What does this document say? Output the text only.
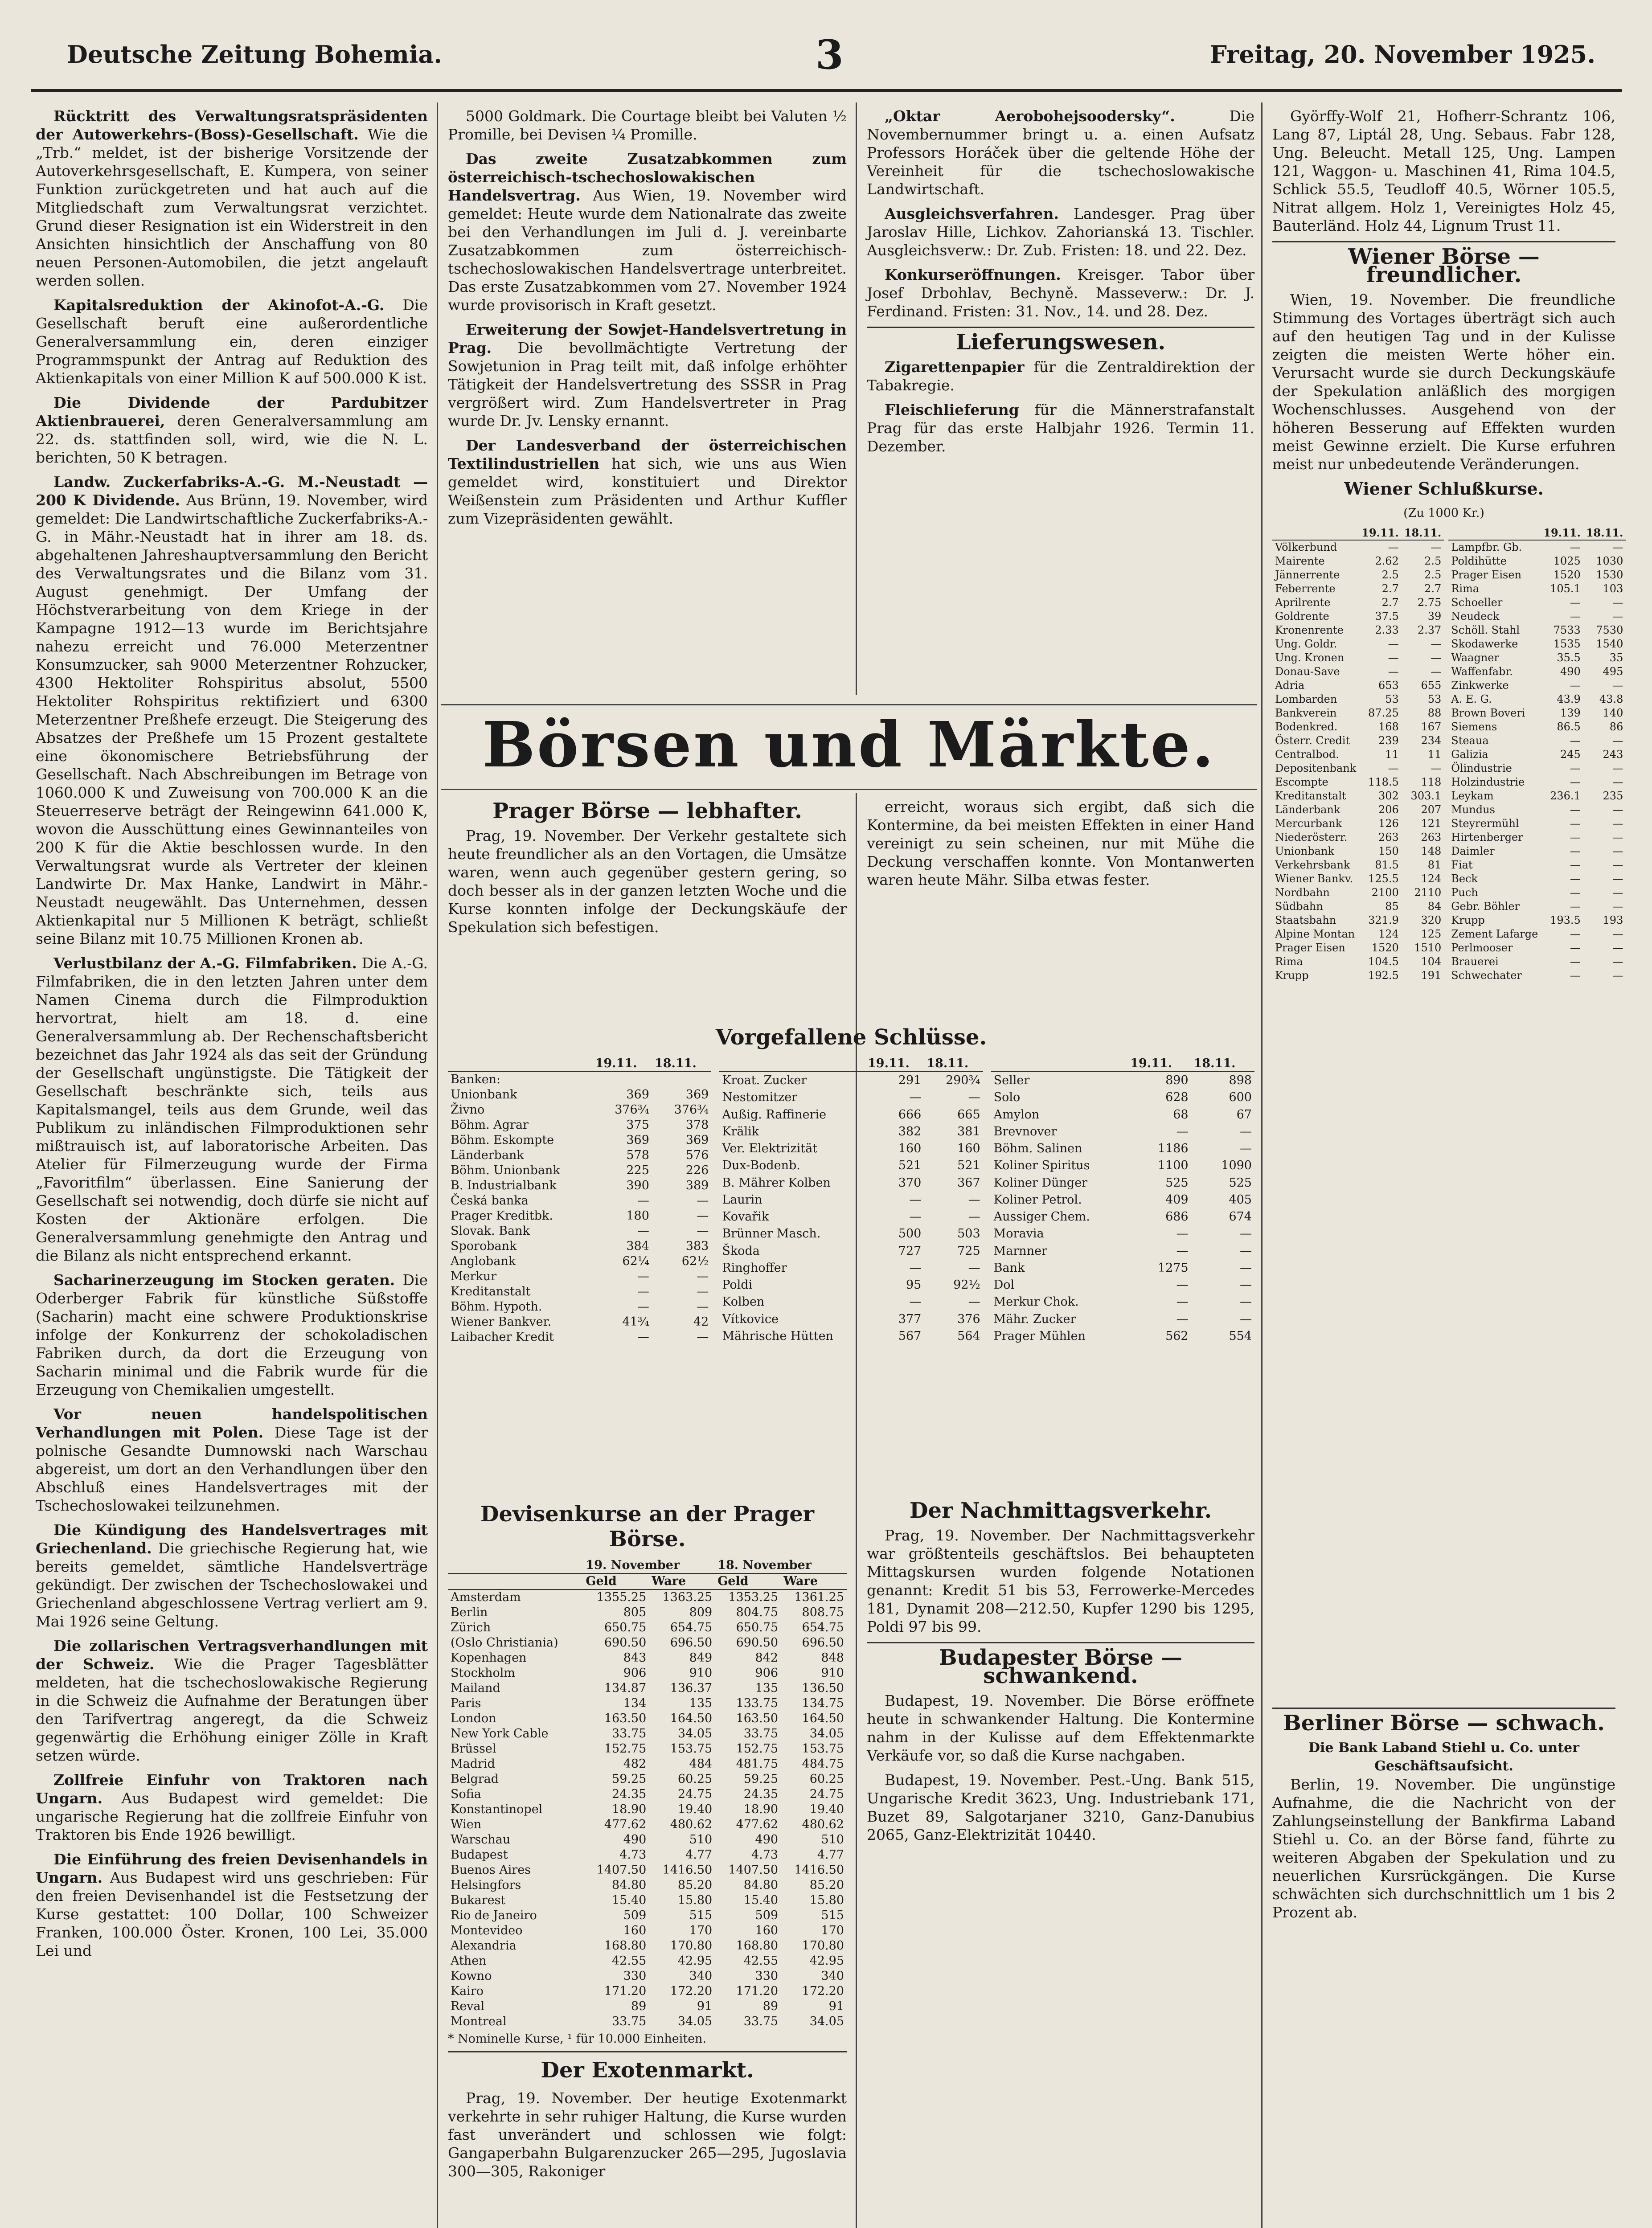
Deutsche Zeitung Bohemia.	3	Freitag, 20. November 1925.

Rücktritt des Verwaltungsratspräsidenten der Autowerkehrs-(Boss)-Gesellschaft. Wie die „Trb.“ meldet, ist der bisherige Vorsitzende der Autoverkehrsgesellschaft, E. Kumpera, von seiner Funktion zurückgetreten und hat auch auf die Mitgliedschaft zum Verwaltungsrat verzichtet. Grund dieser Resignation ist ein Widerstreit in den Ansichten hinsichtlich der Anschaffung von 80 neuen Personen-Automobilen, die jetzt angelauft werden sollen.

Kapitalsreduktion der Akinofot-A.-G. Die Gesellschaft beruft eine außerordentliche Generalversammlung ein, deren einziger Programmspunkt der Antrag auf Reduktion des Aktienkapitals von einer Million K auf 500.000 K ist.

Die Dividende der Pardubitzer Aktienbrauerei, deren Generalversammlung am 22. ds. stattfinden soll, wird, wie die N. L. berichten, 50 K betragen.

Landw. Zuckerfabriks-A.-G. M.-Neustadt — 200 K Dividende. Aus Brünn, 19. November, wird gemeldet: Die Landwirtschaftliche Zuckerfabriks-A.-G. in Mähr.-Neustadt hat in ihrer am 18. ds. abgehaltenen Jahreshauptversammlung den Bericht des Verwaltungsrates und die Bilanz vom 31. August genehmigt. Der Umfang der Höchstverarbeitung von dem Kriege in der Kampagne 1912—13 wurde im Berichtsjahre nahezu erreicht und 76.000 Meterzentner Konsumzucker, sah 9000 Meterzentner Rohzucker, 4300 Hektoliter Rohspiritus absolut, 5500 Hektoliter Rohspiritus rektifiziert und 6300 Meterzentner Preßhefe erzeugt. Die Steigerung des Absatzes der Preßhefe um 15 Prozent gestaltete eine ökonomischere Betriebsführung der Gesellschaft. Nach Abschreibungen im Betrage von 1060.000 K und Zuweisung von 700.000 K an die Steuerreserve beträgt der Reingewinn 641.000 K, wovon die Ausschüttung eines Gewinnanteiles von 200 K für die Aktie beschlossen wurde. In den Verwaltungsrat wurde als Vertreter der kleinen Landwirte Dr. Max Hanke, Landwirt in Mähr.-Neustadt neugewählt. Das Unternehmen, dessen Aktienkapital nur 5 Millionen K beträgt, schließt seine Bilanz mit 10.75 Millionen Kronen ab.

Verlustbilanz der A.-G. Filmfabriken. Die A.-G. Filmfabriken, die in den letzten Jahren unter dem Namen Cinema durch die Filmproduktion hervortrat, hielt am 18. d. eine Generalversammlung ab. Der Rechenschaftsbericht bezeichnet das Jahr 1924 als das seit der Gründung der Gesellschaft ungünstigste. Die Tätigkeit der Gesellschaft beschränkte sich, teils aus Kapitalsmangel, teils aus dem Grunde, weil das Publikum zu inländischen Filmproduktionen sehr mißtrauisch ist, auf laboratorische Arbeiten. Das Atelier für Filmerzeugung wurde der Firma „Favoritfilm“ überlassen. Eine Sanierung der Gesellschaft sei notwendig, doch dürfe sie nicht auf Kosten der Aktionäre erfolgen. Die Generalversammlung genehmigte den Antrag und die Bilanz als nicht entsprechend erkannt.

Sacharinerzeugung im Stocken geraten. Die Oderberger Fabrik für künstliche Süßstoffe (Sacharin) macht eine schwere Produktionskrise infolge der Konkurrenz der schokoladischen Fabriken durch, da dort die Erzeugung von Sacharin minimal und die Fabrik wurde für die Erzeugung von Chemikalien umgestellt.

Vor neuen handelspolitischen Verhandlungen mit Polen. Diese Tage ist der polnische Gesandte Dumnowski nach Warschau abgereist, um dort an den Verhandlungen über den Abschluß eines Handelsvertrages mit der Tschechoslowakei teilzunehmen.

Die Kündigung des Handelsvertrages mit Griechenland. Die griechische Regierung hat, wie bereits gemeldet, sämtliche Handelsverträge gekündigt. Der zwischen der Tschechoslowakei und Griechenland abgeschlossene Vertrag verliert am 9. Mai 1926 seine Geltung.

Die zollarischen Vertragsverhandlungen mit der Schweiz. Wie die Prager Tagesblätter meldeten, hat die tschechoslowakische Regierung in die Schweiz die Aufnahme der Beratungen über den Tarifvertrag angeregt, da die Schweiz gegenwärtig die Erhöhung einiger Zölle in Kraft setzen würde.

Zollfreie Einfuhr von Traktoren nach Ungarn. Aus Budapest wird gemeldet: Die ungarische Regierung hat die zollfreie Einfuhr von Traktoren bis Ende 1926 bewilligt.

Die Einführung des freien Devisenhandels in Ungarn. Aus Budapest wird uns geschrieben: Für den freien Devisenhandel ist die Festsetzung der Kurse gestattet: 100 Dollar, 100 Schweizer Franken, 100.000 Öster. Kronen, 100 Lei, 35.000 Lei und

5000 Goldmark. Die Courtage bleibt bei Valuten ½ Promille, bei Devisen ¼ Promille.

Das zweite Zusatzabkommen zum österreichisch-tschechoslowakischen Handelsvertrag. Aus Wien, 19. November wird gemeldet: Heute wurde dem Nationalrate das zweite bei den Verhandlungen im Juli d. J. vereinbarte Zusatzabkommen zum österreichisch-tschechoslowakischen Handelsvertrage unterbreitet. Das erste Zusatzabkommen vom 27. November 1924 wurde provisorisch in Kraft gesetzt.

Erweiterung der Sowjet-Handelsvertretung in Prag. Die bevollmächtigte Vertretung der Sowjetunion in Prag teilt mit, daß infolge erhöhter Tätigkeit der Handelsvertretung des SSSR in Prag vergrößert wird. Zum Handelsvertreter in Prag wurde Dr. Jv. Lensky ernannt.

Der Landesverband der österreichischen Textilindustriellen hat sich, wie uns aus Wien gemeldet wird, konstituiert und Direktor Weißenstein zum Präsidenten und Arthur Kuffler zum Vizepräsidenten gewählt.

„Oktar Aerobohejsoodersky“.	Die Novembernummer bringt u. a. einen Aufsatz Professors Horáček über die geltende Höhe der Vereinheit für die tschechoslowakische Landwirtschaft.

Ausgleichsverfahren. Landesger. Prag über Jaroslav Hille, Lichkov. Zahorianská 13. Tischler. Ausgleichsverw.: Dr. Zub. Fristen: 18. und 22. Dez.

Konkurseröffnungen. Kreisger. Tabor über Josef Drbohlav, Bechyně. Masseverw.: Dr. J. Ferdinand. Fristen: 31. Nov., 14. und 28. Dez.

Lieferungswesen.

Zigarettenpapier für die Zentraldirektion der Tabakregie.

Fleischlieferung für die Männerstrafanstalt Prag für das erste Halbjahr 1926. Termin 11. Dezember.

Börsen und Märkte.
Prager Börse — lebhafter.

Prag, 19. November. Der Verkehr gestaltete sich heute freundlicher als an den Vortagen, die Umsätze waren, wenn auch gegenüber gestern gering, so doch besser als in der ganzen letzten Woche und die Kurse konnten infolge der Deckungskäufe der Spekulation sich befestigen.

erreicht, woraus sich ergibt, daß sich die Kontermine, da bei meisten Effekten in einer Hand vereinigt zu sein scheinen, nur mit Mühe die Deckung verschaffen konnte. Von Montanwerten waren heute Mähr. Silba etwas fester.

Vorgefallene Schlüsse.
	19.11.	18.11.
Banken:		
Unionbank	369	369
Živno	376¾	376¾
Böhm. Agrar	375	378
Böhm. Eskompte	369	369
Länderbank	578	576
Böhm. Unionbank	225	226
B. Industrialbank	390	389
Česká banka	—	—
Prager Kreditbk.	180	—
Slovak. Bank	—	—
Sporobank	384	383
Anglobank	62¼	62½
Merkur	—	—
Kreditanstalt	—	—
Böhm. Hypoth.	—	—
Wiener Bankver.	41¾	42
Laibacher Kredit	—	—
	19.11.	18.11.
Kroat. Zucker	291	290¾
Nestomitzer	—	—
Außig. Raffinerie	666	665
Krälik	382	381
Ver. Elektrizität	160	160
Dux-Bodenb.	521	521
B. Mährer Kolben	370	367
Laurin	—	—
Kovařik	—	—
Brünner Masch.	500	503
Škoda	727	725
Ringhoffer	—	—
Poldi	95	92½
Kolben	—	—
Vítkovice	377	376
Mährische Hütten	567	564
	19.11.	18.11.
Seller	890	898
Solo	628	600
Amylon	68	67
Brevnover	—	—
Böhm. Salinen	1186	—
Koliner Spiritus	1100	1090
Koliner Dünger	525	525
Koliner Petrol.	409	405
Aussiger Chem.	686	674
Moravia	—	—
Marnner	—	—
Bank	1275	—
Dol	—	—
Merkur Chok.	—	—
Mähr. Zucker	—	—
Prager Mühlen	562	554
Devisenkurse an der Prager Börse.
	19. November		18. November	
	Geld	Ware	Geld	Ware
Amsterdam	1355.25	1363.25	1353.25	1361.25
Berlin	805	809	804.75	808.75
Zürich	650.75	654.75	650.75	654.75
(Oslo Christiania)	690.50	696.50	690.50	696.50
Kopenhagen	843	849	842	848
Stockholm	906	910	906	910
Mailand	134.87	136.37	135	136.50
Paris	134	135	133.75	134.75
London	163.50	164.50	163.50	164.50
New York Cable	33.75	34.05	33.75	34.05
Brüssel	152.75	153.75	152.75	153.75
Madrid	482	484	481.75	484.75
Belgrad	59.25	60.25	59.25	60.25
Sofia	24.35	24.75	24.35	24.75
Konstantinopel	18.90	19.40	18.90	19.40
Wien	477.62	480.62	477.62	480.62
Warschau	490	510	490	510
Budapest	4.73	4.77	4.73	4.77
Buenos Aires	1407.50	1416.50	1407.50	1416.50
Helsingfors	84.80	85.20	84.80	85.20
Bukarest	15.40	15.80	15.40	15.80
Rio de Janeiro	509	515	509	515
Montevideo	160	170	160	170
Alexandria	168.80	170.80	168.80	170.80
Athen	42.55	42.95	42.55	42.95
Kowno	330	340	330	340
Kairo	171.20	172.20	171.20	172.20
Reval	89	91	89	91
Montreal	33.75	34.05	33.75	34.05
* Nominelle Kurse, ¹ für 10.000 Einheiten.
Der Exotenmarkt.

Prag, 19. November. Der heutige Exotenmarkt verkehrte in sehr ruhiger Haltung, die Kurse wurden fast unverändert und schlossen wie folgt: Gangaperbahn Bulgarenzucker 265—295, Jugoslavia 300—305, Rakoniger

Der Nachmittagsverkehr.

Prag, 19. November. Der Nachmittagsverkehr war größtenteils geschäftslos. Bei behaupteten Mittagskursen wurden folgende Notationen genannt: Kredit 51 bis 53, Ferrowerke-Mercedes 181, Dynamit 208—212.50, Kupfer 1290 bis 1295, Poldi 97 bis 99.

Budapester Börse — schwankend.

Budapest, 19. November. Die Börse eröffnete heute in schwankender Haltung. Die Kontermine nahm in der Kulisse auf dem Effektenmarkte Verkäufe vor, so daß die Kurse nachgaben.

Budapest, 19. November. Pest.-Ung. Bank 515, Ungarische Kredit 3623, Ung. Industriebank 171, Buzet 89, Salgotarjaner 3210, Ganz-Danubius 2065, Ganz-Elektrizität 10440.

Györffy-Wolf 21, Hofherr-Schrantz 106, Lang 87, Liptál 28, Ung. Sebaus. Fabr 128, Ung. Beleucht. Metall 125, Ung. Lampen 121, Waggon- u. Maschinen 41, Rima 104.5, Schlick 55.5, Teudloff 40.5, Wörner 105.5, Nitrat allgem. Holz 1, Vereinigtes Holz 45, Bauterländ. Holz 44, Lignum Trust 11.

Wiener Börse — freundlicher.

Wien, 19. November. Die freundliche Stimmung des Vortages überträgt sich auch auf den heutigen Tag und in der Kulisse zeigten die meisten Werte höher ein. Verursacht wurde sie durch Deckungskäufe der Spekulation anläßlich des morgigen Wochenschlusses. Ausgehend von der höheren Besserung auf Effekten wurden meist Gewinne erzielt. Die Kurse erfuhren meist nur unbedeutende Veränderungen.

Wiener Schlußkurse.
(Zu 1000 Kr.)
	19.11.	18.11.
Völkerbund	—	—
Mairente	2.62	2.5
Jännerrente	2.5	2.5
Feberrente	2.7	2.7
Aprilrente	2.7	2.75
Goldrente	37.5	39
Kronenrente	2.33	2.37
Ung. Goldr.	—	—
Ung. Kronen	—	—
Donau-Save	—	—
Adria	653	655
Lombarden	53	53
Bankverein	87.25	88
Bodenkred.	168	167
Österr. Credit	239	234
Centralbod.	11	11
Depositenbank	—	—
Escompte	118.5	118
Kreditanstalt	302	303.1
Länderbank	206	207
Mercurbank	126	121
Niederösterr.	263	263
Unionbank	150	148
Verkehrsbank	81.5	81
Wiener Bankv.	125.5	124
Nordbahn	2100	2110
Südbahn	85	84
Staatsbahn	321.9	320
Alpine Montan	124	125
Prager Eisen	1520	1510
Rima	104.5	104
Krupp	192.5	191
	19.11.	18.11.
Lampfbr. Gb.	—	—
Poldihütte	1025	1030
Prager Eisen	1520	1530
Rima	105.1	103
Schoeller	—	—
Neudeck	—	—
Schöll. Stahl	7533	7530
Skodawerke	1535	1540
Waagner	35.5	35
Waffenfabr.	490	495
Zinkwerke	—	—
A. E. G.	43.9	43.8
Brown Boveri	139	140
Siemens	86.5	86
Steaua	—	—
Galizia	245	243
Ölindustrie	—	—
Holzindustrie	—	—
Leykam	236.1	235
Mundus	—	—
Steyrermühl	—	—
Hirtenberger	—	—
Daimler	—	—
Fiat	—	—
Beck	—	—
Puch	—	—
Gebr. Böhler	—	—
Krupp	193.5	193
Zement Lafarge	—	—
Perlmooser	—	—
Brauerei	—	—
Schwechater	—	—
Berliner Börse — schwach.
Die Bank Laband Stiehl u. Co. unter Geschäftsaufsicht.

Berlin, 19. November. Die ungünstige Aufnahme, die die Nachricht von der Zahlungseinstellung der Bankfirma Laband Stiehl u. Co. an der Börse fand, führte zu weiteren Abgaben der Spekulation und zu neuerlichen Kursrückgängen. Die Kurse schwächten sich durchschnittlich um 1 bis 2 Prozent ab.
